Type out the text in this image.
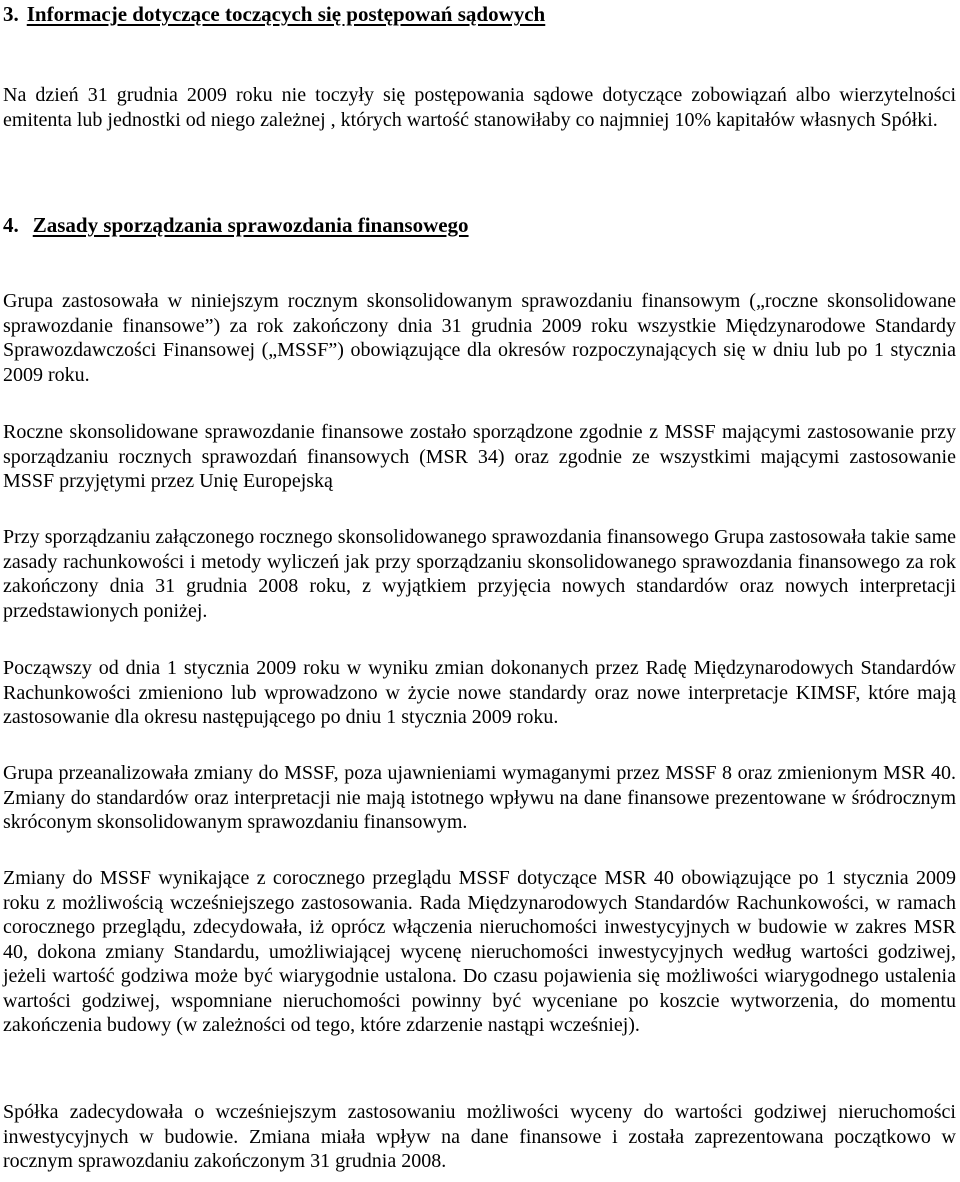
3. Informacje dotyczące toczących się postępowań sądowych

Na dzień 31 grudnia 2009 roku nie toczyły się postępowania sądowe dotyczące zobowiązań albo wierzytelności emitenta lub jednostki od niego zależnej , których wartość stanowiłaby co najmniej 10% kapitałów własnych Spółki.

4. Zasady sporządzania sprawozdania finansowego

Grupa zastosowała w niniejszym rocznym skonsolidowanym sprawozdaniu finansowym („roczne skonsolidowane sprawozdanie finansowe”) za rok zakończony dnia 31 grudnia 2009 roku wszystkie Międzynarodowe Standardy Sprawozdawczości Finansowej („MSSF”) obowiązujące dla okresów rozpoczynających się w dniu lub po 1 stycznia 2009 roku.

Roczne skonsolidowane sprawozdanie finansowe zostało sporządzone zgodnie z MSSF mającymi zastosowanie przy sporządzaniu rocznych sprawozdań finansowych (MSR 34) oraz zgodnie ze wszystkimi mającymi zastosowanie MSSF przyjętymi przez Unię Europejską

Przy sporządzaniu załączonego rocznego skonsolidowanego sprawozdania finansowego Grupa zastosowała takie same zasady rachunkowości i metody wyliczeń jak przy sporządzaniu skonsolidowanego sprawozdania finansowego za rok zakończony dnia 31 grudnia 2008 roku, z wyjątkiem przyjęcia nowych standardów oraz nowych interpretacji przedstawionych poniżej.

Począwszy od dnia 1 stycznia 2009 roku w wyniku zmian dokonanych przez Radę Międzynarodowych Standardów Rachunkowości zmieniono lub wprowadzono w życie nowe standardy oraz nowe interpretacje KIMSF, które mają zastosowanie dla okresu następującego po dniu 1 stycznia 2009 roku.

Grupa przeanalizowała zmiany do MSSF, poza ujawnieniami wymaganymi przez MSSF 8 oraz zmienionym MSR 40. Zmiany do standardów oraz interpretacji nie mają istotnego wpływu na dane finansowe prezentowane w śródrocznym skróconym skonsolidowanym sprawozdaniu finansowym.

Zmiany do MSSF wynikające z corocznego przeglądu MSSF dotyczące MSR 40 obowiązujące po 1 stycznia 2009 roku z możliwością wcześniejszego zastosowania. Rada Międzynarodowych Standardów Rachunkowości, w ramach corocznego przeglądu, zdecydowała, iż oprócz włączenia nieruchomości inwestycyjnych w budowie w zakres MSR 40, dokona zmiany Standardu, umożliwiającej wycenę nieruchomości inwestycyjnych według wartości godziwej, jeżeli wartość godziwa może być wiarygodnie ustalona. Do czasu pojawienia się możliwości wiarygodnego ustalenia wartości godziwej, wspomniane nieruchomości powinny być wyceniane po koszcie wytworzenia, do momentu zakończenia budowy (w zależności od tego, które zdarzenie nastąpi wcześniej).

Spółka zadecydowała o wcześniejszym zastosowaniu możliwości wyceny do wartości godziwej nieruchomości inwestycyjnych w budowie. Zmiana miała wpływ na dane finansowe i została zaprezentowana początkowo w rocznym sprawozdaniu zakończonym 31 grudnia 2008.
